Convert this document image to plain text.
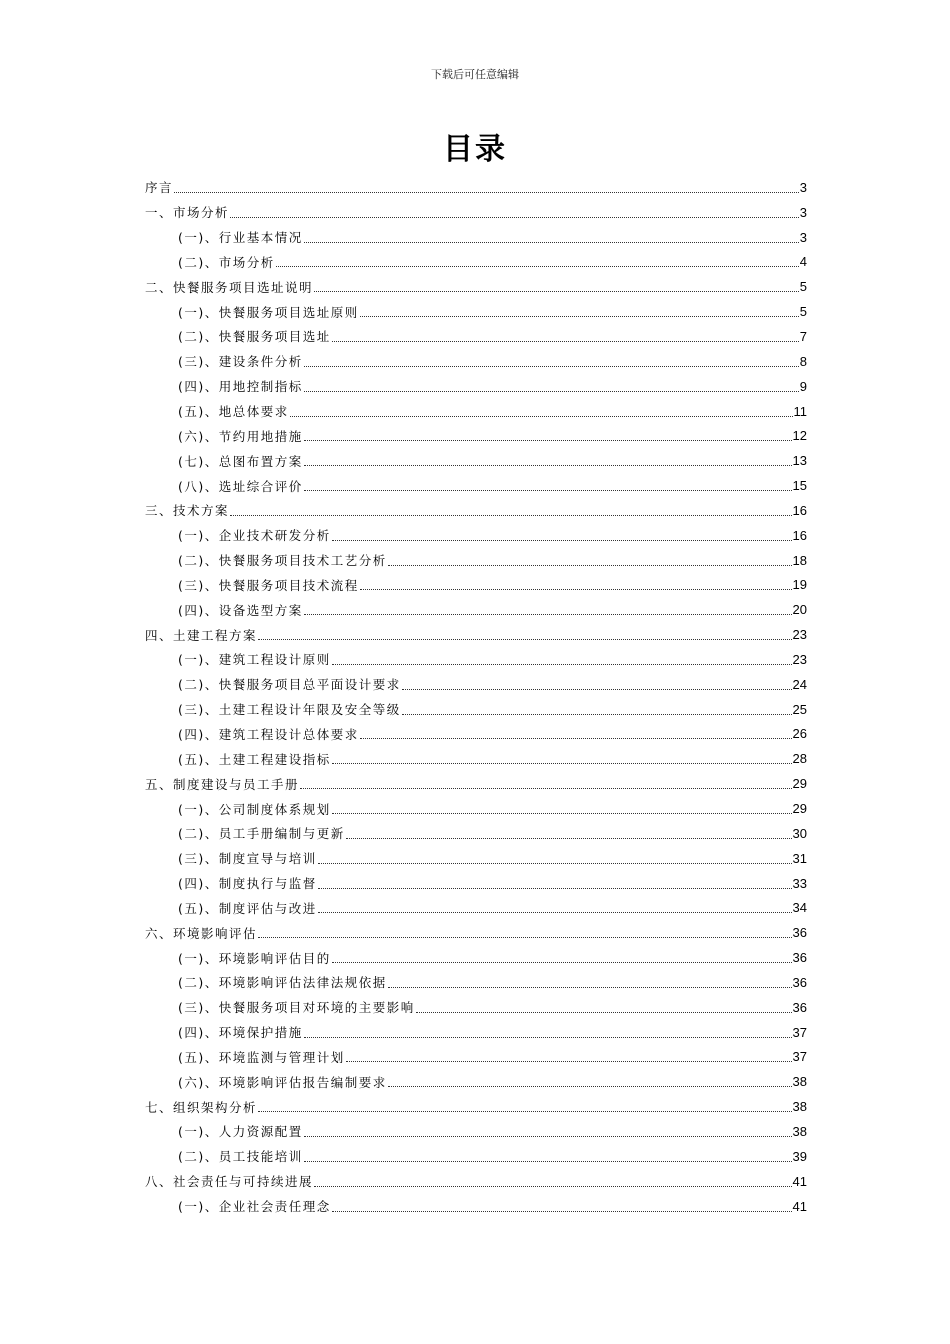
下载后可任意编辑
目录
序言	3
一、市场分析	3
(一)、行业基本情况	3
(二)、市场分析	4
二、快餐服务项目选址说明	5
(一)、快餐服务项目选址原则	5
(二)、快餐服务项目选址	7
(三)、建设条件分析	8
(四)、用地控制指标	9
(五)、地总体要求	11
(六)、节约用地措施	12
(七)、总图布置方案	13
(八)、选址综合评价	15
三、技术方案	16
(一)、企业技术研发分析	16
(二)、快餐服务项目技术工艺分析	18
(三)、快餐服务项目技术流程	19
(四)、设备选型方案	20
四、土建工程方案	23
(一)、建筑工程设计原则	23
(二)、快餐服务项目总平面设计要求	24
(三)、土建工程设计年限及安全等级	25
(四)、建筑工程设计总体要求	26
(五)、土建工程建设指标	28
五、制度建设与员工手册	29
(一)、公司制度体系规划	29
(二)、员工手册编制与更新	30
(三)、制度宣导与培训	31
(四)、制度执行与监督	33
(五)、制度评估与改进	34
六、环境影响评估	36
(一)、环境影响评估目的	36
(二)、环境影响评估法律法规依据	36
(三)、快餐服务项目对环境的主要影响	36
(四)、环境保护措施	37
(五)、环境监测与管理计划	37
(六)、环境影响评估报告编制要求	38
七、组织架构分析	38
(一)、人力资源配置	38
(二)、员工技能培训	39
八、社会责任与可持续进展	41
(一)、企业社会责任理念	41
